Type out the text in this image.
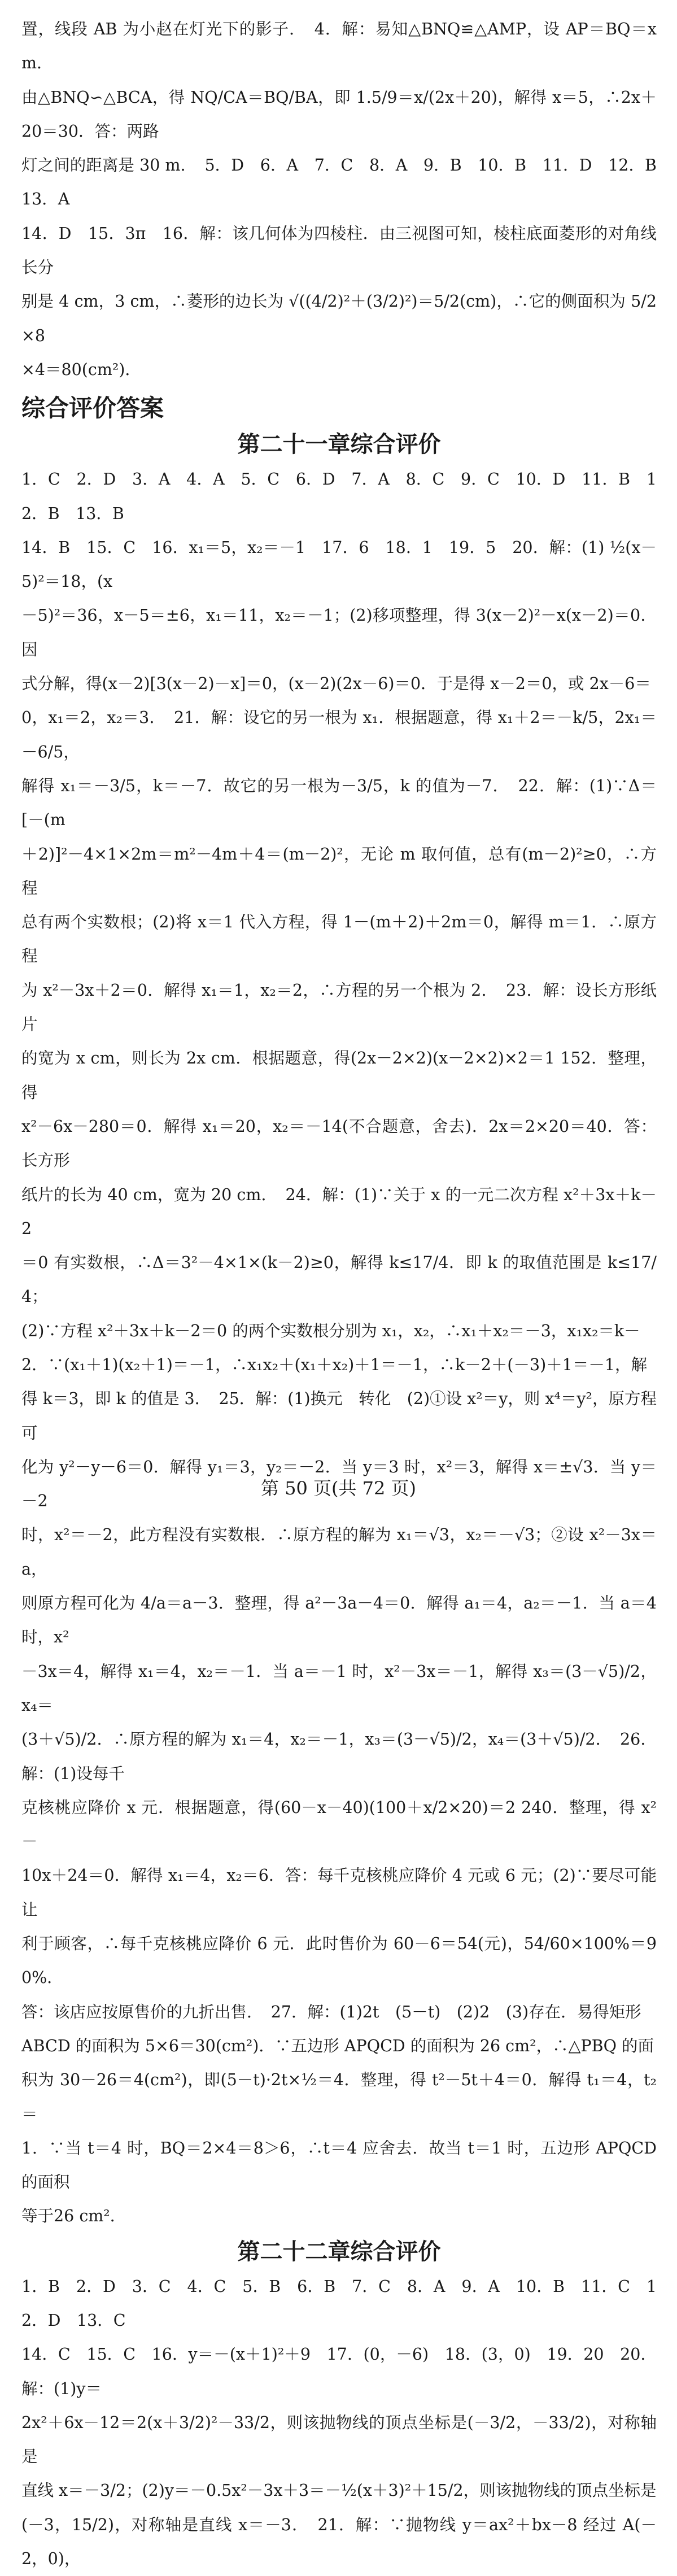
置，线段 AB 为小赵在灯光下的影子．　4．解：易知△BNQ≌△AMP，设 AP＝BQ＝x m．

由△BNQ∽△BCA，得 NQ/CA＝BQ/BA，即 1.5/9＝x/(2x＋20)，解得 x＝5，∴2x＋20＝30．答：两路

灯之间的距离是 30 m．　5．D　6．A　7．C　8．A　9．B　10．B　11．D　12．B　13．A

14．D　15．3π　16．解：该几何体为四棱柱．由三视图可知，棱柱底面菱形的对角线长分

别是 4 cm，3 cm，∴菱形的边长为 √((4/2)²＋(3/2)²)＝5/2(cm)，∴它的侧面积为 5/2×8

×4＝80(cm²)．

综合评价答案
第二十一章综合评价

1．C　2．D　3．A　4．A　5．C　6．D　7．A　8．C　9．C　10．D　11．B　12．B　13．B

14．B　15．C　16．x₁＝5，x₂＝－1　17．6　18．1　19．5　20．解：(1) ½(x－5)²＝18，(x

－5)²＝36，x－5＝±6，x₁＝11，x₂＝－1；(2)移项整理，得 3(x－2)²－x(x－2)＝0．因

式分解，得(x－2)[3(x－2)－x]＝0，(x－2)(2x－6)＝0．于是得 x－2＝0，或 2x－6＝

0，x₁＝2，x₂＝3．　21．解：设它的另一根为 x₁．根据题意，得 x₁＋2＝－k/5，2x₁＝－6/5，

解得 x₁＝－3/5，k＝－7．故它的另一根为－3/5，k 的值为－7．　22．解：(1)∵Δ＝[－(m

＋2)]²－4×1×2m＝m²－4m＋4＝(m－2)²，无论 m 取何值，总有(m－2)²≥0，∴方程

总有两个实数根；(2)将 x＝1 代入方程，得 1－(m＋2)＋2m＝0，解得 m＝1．∴原方程

为 x²－3x＋2＝0．解得 x₁＝1，x₂＝2，∴方程的另一个根为 2．　23．解：设长方形纸片

的宽为 x cm，则长为 2x cm．根据题意，得(2x－2×2)(x－2×2)×2＝1 152．整理，得

x²－6x－280＝0．解得 x₁＝20，x₂＝－14(不合题意，舍去)．2x＝2×20＝40．答：长方形

纸片的长为 40 cm，宽为 20 cm．　24．解：(1)∵关于 x 的一元二次方程 x²＋3x＋k－2

＝0 有实数根，∴Δ＝3²－4×1×(k－2)≥0，解得 k≤17/4．即 k 的取值范围是 k≤17/4；

(2)∵方程 x²＋3x＋k－2＝0 的两个实数根分别为 x₁，x₂，∴x₁＋x₂＝－3，x₁x₂＝k－

2．∵(x₁＋1)(x₂＋1)＝－1，∴x₁x₂＋(x₁＋x₂)＋1＝－1，∴k－2＋(－3)＋1＝－1，解

得 k＝3，即 k 的值是 3．　25．解：(1)换元　转化　(2)①设 x²＝y，则 x⁴＝y²，原方程可

化为 y²－y－6＝0．解得 y₁＝3，y₂＝－2．当 y＝3 时，x²＝3，解得 x＝±√3．当 y＝－2

时，x²＝－2，此方程没有实数根．∴原方程的解为 x₁＝√3，x₂＝－√3；②设 x²－3x＝a，

则原方程可化为 4/a＝a－3．整理，得 a²－3a－4＝0．解得 a₁＝4，a₂＝－1．当 a＝4 时，x²

－3x＝4，解得 x₁＝4，x₂＝－1．当 a＝－1 时，x²－3x＝－1，解得 x₃＝(3－√5)/2，x₄＝

(3＋√5)/2．∴原方程的解为 x₁＝4，x₂＝－1，x₃＝(3－√5)/2，x₄＝(3＋√5)/2．　26．解：(1)设每千

克核桃应降价 x 元．根据题意，得(60－x－40)(100＋x/2×20)＝2 240．整理，得 x²－

10x＋24＝0．解得 x₁＝4，x₂＝6．答：每千克核桃应降价 4 元或 6 元；(2)∵要尽可能让

利于顾客，∴每千克核桃应降价 6 元．此时售价为 60－6＝54(元)，54/60×100%＝90%．

答：该店应按原售价的九折出售．　27．解：(1)2t　(5－t)　(2)2　(3)存在．易得矩形

ABCD 的面积为 5×6＝30(cm²)．∵五边形 APQCD 的面积为 26 cm²，∴△PBQ 的面

积为 30－26＝4(cm²)，即(5－t)·2t×½＝4．整理，得 t²－5t＋4＝0．解得 t₁＝4，t₂＝

1．∵当 t＝4 时，BQ＝2×4＝8＞6，∴t＝4 应舍去．故当 t＝1 时，五边形 APQCD 的面积

等于26 cm²．

第二十二章综合评价

1．B　2．D　3．C　4．C　5．B　6．B　7．C　8．A　9．A　10．B　11．C　12．D　13．C

14．C　15．C　16．y＝－(x＋1)²＋9　17．(0，－6)　18．(3，0)　19．20　20．解：(1)y＝

2x²＋6x－12＝2(x＋3/2)²－33/2，则该抛物线的顶点坐标是(－3/2，－33/2)，对称轴是

直线 x＝－3/2；(2)y＝－0.5x²－3x＋3＝－½(x＋3)²＋15/2，则该抛物线的顶点坐标是

(－3，15/2)，对称轴是直线 x＝－3．　21．解：∵抛物线 y＝ax²＋bx－8 经过 A(－2，0)，

第 50 页(共 72 页)
